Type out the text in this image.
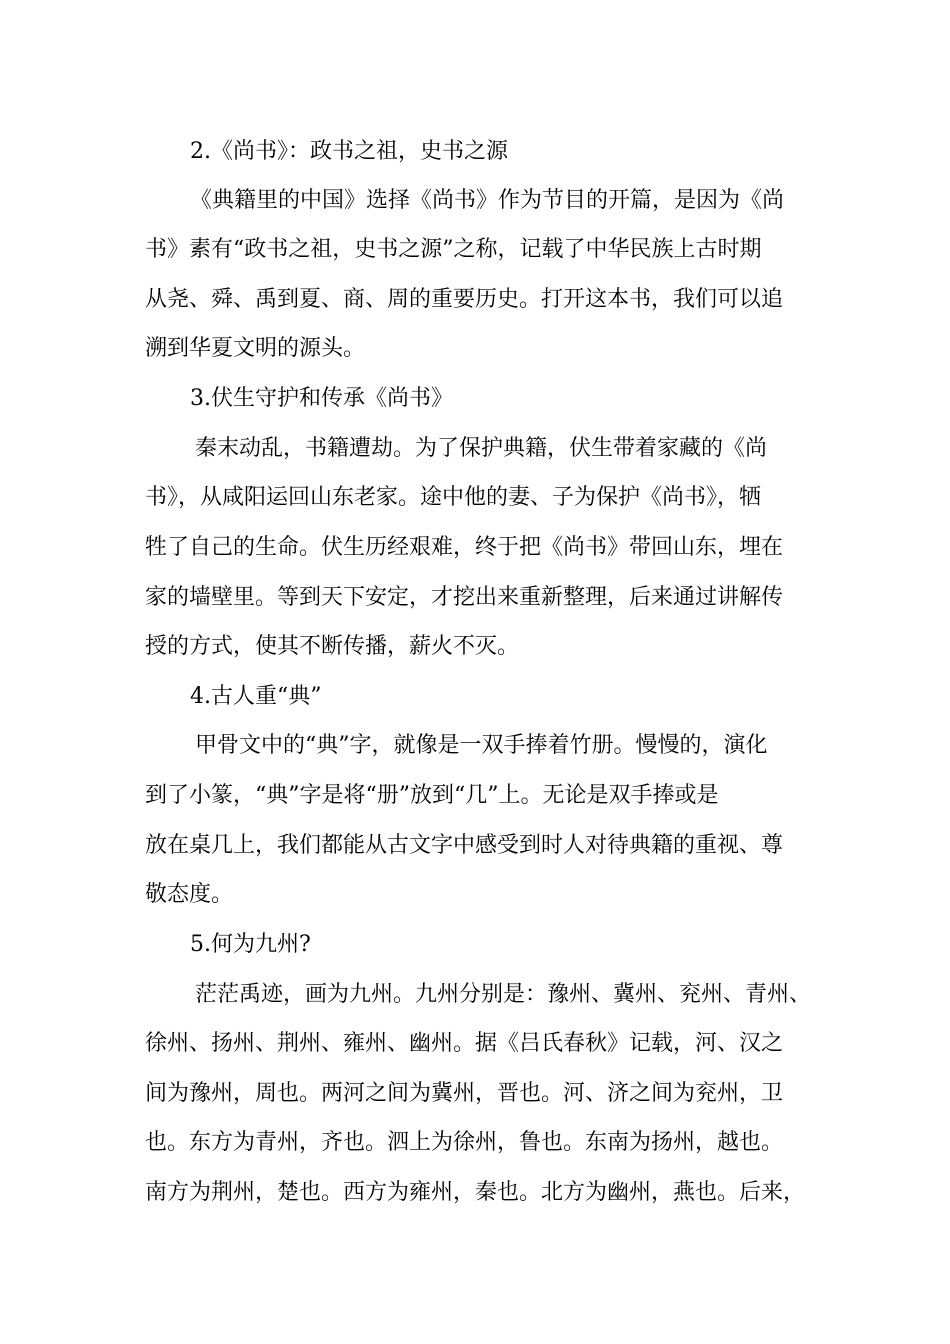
2.《尚书》：政书之祖，史书之源

《典籍里的中国》选择《尚书》作为节目的开篇，是因为《尚

书》素有“政书之祖，史书之源”之称，记载了中华民族上古时期

从尧、舜、禹到夏、商、周的重要历史。打开这本书，我们可以追

溯到华夏文明的源头。

3.伏生守护和传承《尚书》

秦末动乱，书籍遭劫。为了保护典籍，伏生带着家藏的《尚

书》，从咸阳运回山东老家。途中他的妻、子为保护《尚书》，牺

牲了自己的生命。伏生历经艰难，终于把《尚书》带回山东，埋在

家的墙壁里。等到天下安定，才挖出来重新整理，后来通过讲解传

授的方式，使其不断传播，薪火不灭。

4.古人重“典”

甲骨文中的“典”字，就像是一双手捧着竹册。慢慢的，演化

到了小篆，“典”字是将“册”放到“几”上。无论是双手捧或是

放在桌几上，我们都能从古文字中感受到时人对待典籍的重视、尊

敬态度。

5.何为九州?

茫茫禹迹，画为九州。九州分别是：豫州、冀州、兖州、青州、

徐州、扬州、荆州、雍州、幽州。据《吕氏春秋》记载，河、汉之

间为豫州，周也。两河之间为冀州，晋也。河、济之间为兖州，卫

也。东方为青州，齐也。泗上为徐州，鲁也。东南为扬州，越也。

南方为荆州，楚也。西方为雍州，秦也。北方为幽州，燕也。后来，
